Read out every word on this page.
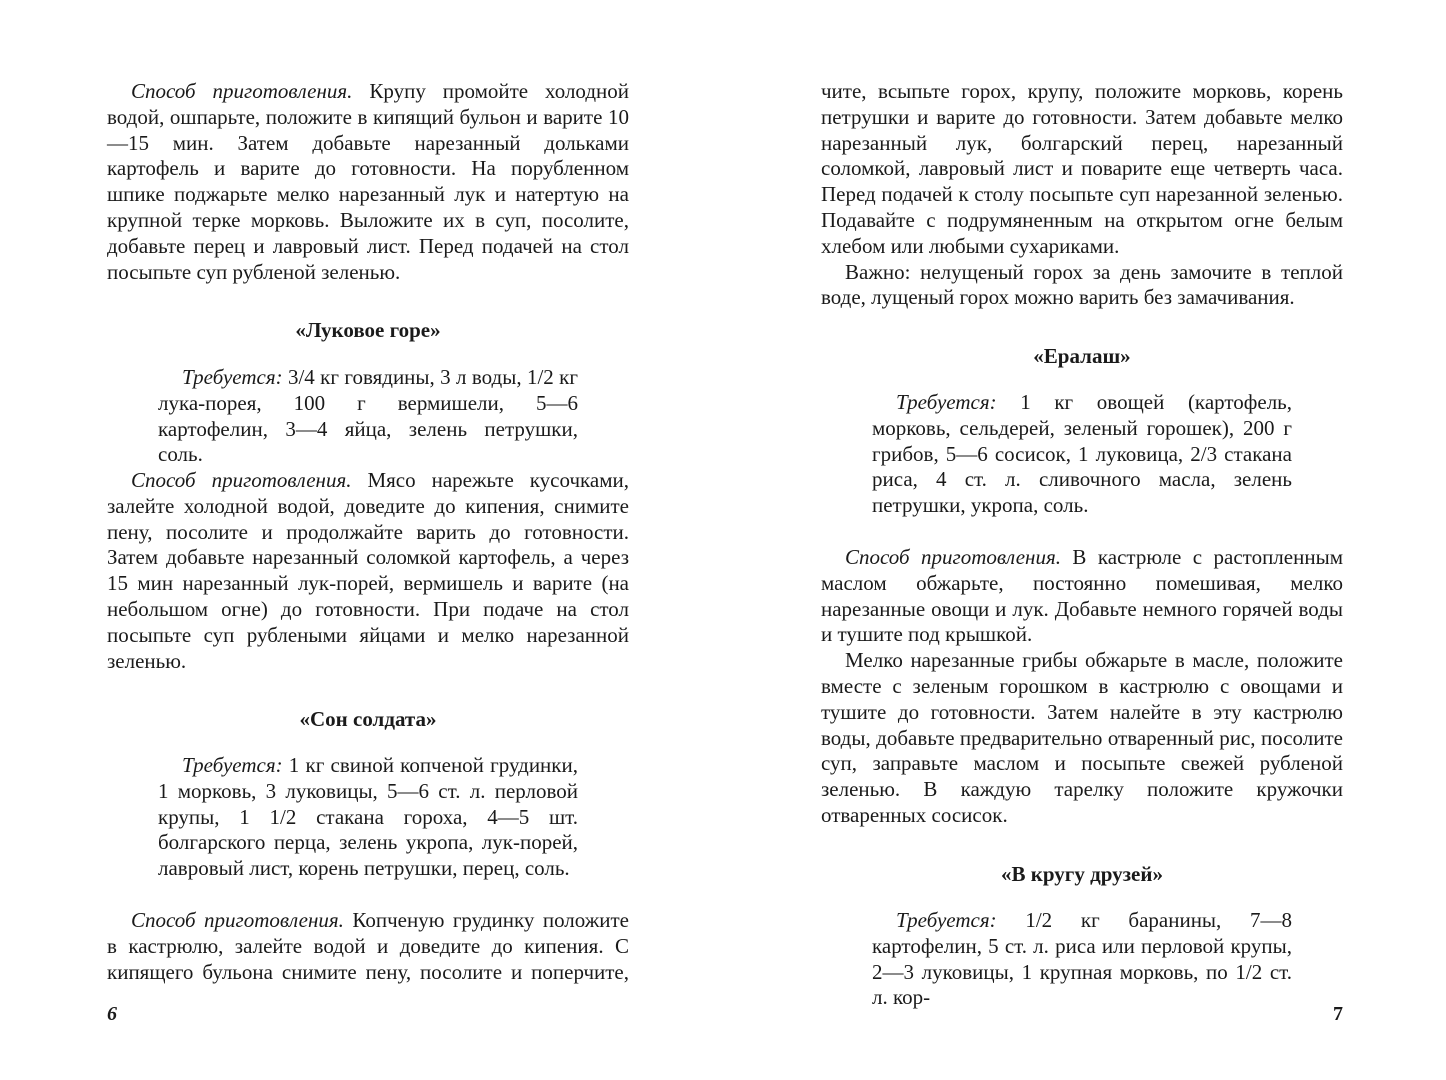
Способ приготовления. Крупу промойте холодной водой, ошпарьте, положите в кипящий бульон и варите 10—15 мин. Затем добавьте нарезанный дольками картофель и варите до готовности. На порубленном шпике поджарьте мелко нарезанный лук и натертую на крупной терке морковь. Выложите их в суп, посолите, добавьте перец и лавровый лист. Перед подачей на стол посыпьте суп рубленой зеленью.

«Луковое горе»

Требуется: 3/4 кг говядины, 3 л воды, 1/2 кг лука-порея, 100 г вермишели, 5—6 картофелин, 3—4 яйца, зелень петрушки, соль.

Способ приготовления. Мясо нарежьте кусочками, залейте холодной водой, доведите до кипения, снимите пену, посолите и продолжайте варить до готовности. Затем добавьте нарезанный соломкой картофель, а через 15 мин нарезанный лук-порей, вермишель и варите (на небольшом огне) до готовности. При подаче на стол посыпьте суп рублеными яйцами и мелко нарезанной зеленью.

«Сон солдата»

Требуется: 1 кг свиной копченой грудинки, 1 морковь, 3 луковицы, 5—6 ст. л. перловой крупы, 1 1/2 стакана гороха, 4—5 шт. болгарского перца, зелень укропа, лук-порей, лавровый лист, корень петрушки, перец, соль.

Способ приготовления. Копченую грудинку положите в кастрюлю, залейте водой и доведите до кипения. С кипящего бульона снимите пену, посолите и поперчите,

6

чите, всыпьте горох, крупу, положите морковь, корень петрушки и варите до готовности. Затем добавьте мелко нарезанный лук, болгарский перец, нарезанный соломкой, лавровый лист и поварите еще четверть часа. Перед подачей к столу посыпьте суп нарезанной зеленью. Подавайте с подрумяненным на открытом огне белым хлебом или любыми сухариками.

Важно: нелущеный горох за день замочите в теплой воде, лущеный горох можно варить без замачивания.

«Ералаш»

Требуется: 1 кг овощей (картофель, морковь, сельдерей, зеленый горошек), 200 г грибов, 5—6 сосисок, 1 луковица, 2/3 стакана риса, 4 ст. л. сливочного масла, зелень петрушки, укропа, соль.

Способ приготовления. В кастрюле с растопленным маслом обжарьте, постоянно помешивая, мелко нарезанные овощи и лук. Добавьте немного горячей воды и тушите под крышкой.

Мелко нарезанные грибы обжарьте в масле, положите вместе с зеленым горошком в кастрюлю с овощами и тушите до готовности. Затем налейте в эту кастрюлю воды, добавьте предварительно отваренный рис, посолите суп, заправьте маслом и посыпьте свежей рубленой зеленью. В каждую тарелку положите кружочки отваренных сосисок.

«В кругу друзей»

Требуется: 1/2 кг баранины, 7—8 картофелин, 5 ст. л. риса или перловой крупы, 2—3 луковицы, 1 крупная морковь, по 1/2 ст. л. кор-

7
